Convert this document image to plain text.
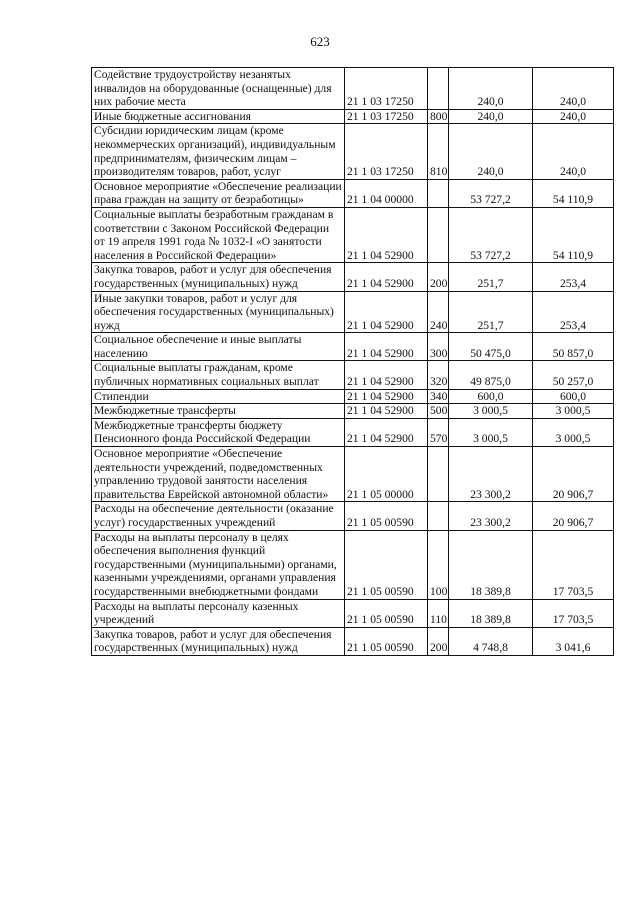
623
Содействие трудоустройству незанятых инвалидов на оборудованные (оснащенные) для них рабочие места	21 1 03 17250		240,0	240,0
Иные бюджетные ассигнования	21 1 03 17250	800	240,0	240,0
Субсидии юридическим лицам (кроме некоммерческих организаций), индивидуальным предпринимателям, физическим лицам – производителям товаров, работ, услуг	21 1 03 17250	810	240,0	240,0
Основное мероприятие «Обеспечение реализации права граждан на защиту от безработицы»	21 1 04 00000		53 727,2	54 110,9
Социальные выплаты безработным гражданам в соответствии с Законом Российской Федерации от 19 апреля 1991 года № 1032-I «О занятости населения в Российской Федерации»	21 1 04 52900		53 727,2	54 110,9
Закупка товаров, работ и услуг для обеспечения государственных (муниципальных) нужд	21 1 04 52900	200	251,7	253,4
Иные закупки товаров, работ и услуг для обеспечения государственных (муниципальных) нужд	21 1 04 52900	240	251,7	253,4
Социальное обеспечение и иные выплаты населению	21 1 04 52900	300	50 475,0	50 857,0
Социальные выплаты гражданам, кроме публичных нормативных социальных выплат	21 1 04 52900	320	49 875,0	50 257,0
Стипендии	21 1 04 52900	340	600,0	600,0
Межбюджетные трансферты	21 1 04 52900	500	3 000,5	3 000,5
Межбюджетные трансферты бюджету Пенсионного фонда Российской Федерации	21 1 04 52900	570	3 000,5	3 000,5
Основное мероприятие «Обеспечение деятельности учреждений, подведомственных управлению трудовой занятости населения правительства Еврейской автономной области»	21 1 05 00000		23 300,2	20 906,7
Расходы на обеспечение деятельности (оказание услуг) государственных учреждений	21 1 05 00590		23 300,2	20 906,7
Расходы на выплаты персоналу в целях обеспечения выполнения функций государственными (муниципальными) органами, казенными учреждениями, органами управления государственными внебюджетными фондами	21 1 05 00590	100	18 389,8	17 703,5
Расходы на выплаты персоналу казенных учреждений	21 1 05 00590	110	18 389,8	17 703,5
Закупка товаров, работ и услуг для обеспечения государственных (муниципальных) нужд	21 1 05 00590	200	4 748,8	3 041,6
